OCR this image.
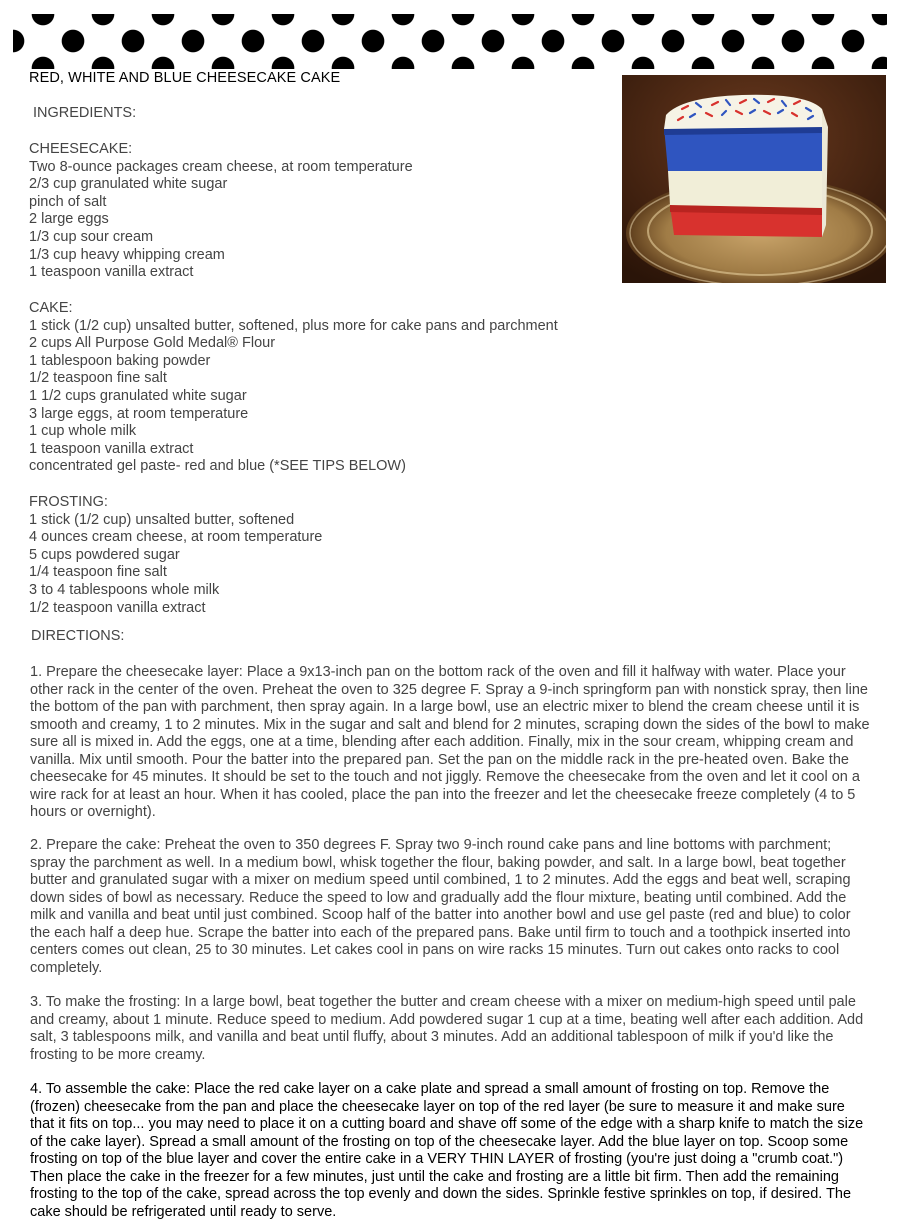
RED, WHITE AND BLUE CHEESECAKE CAKE
INGREDIENTS:
CHEESECAKE:
Two 8-ounce packages cream cheese, at room temperature
2/3 cup granulated white sugar
pinch of salt
2 large eggs
1/3 cup sour cream
1/3 cup heavy whipping cream
1 teaspoon vanilla extract
CAKE:
1 stick (1/2 cup) unsalted butter, softened, plus more for cake pans and parchment
2 cups All Purpose Gold Medal® Flour
1 tablespoon baking powder
1/2 teaspoon fine salt
1 1/2 cups granulated white sugar
3 large eggs, at room temperature
1 cup whole milk
1 teaspoon vanilla extract
concentrated gel paste- red and blue (*SEE TIPS BELOW)
FROSTING:
1 stick (1/2 cup) unsalted butter, softened
4 ounces cream cheese, at room temperature
5 cups powdered sugar
1/4 teaspoon fine salt
3 to 4 tablespoons whole milk
1/2 teaspoon vanilla extract
DIRECTIONS:

1. Prepare the cheesecake layer: Place a 9x13-inch pan on the bottom rack of the oven and fill it halfway with water. Place your other rack in the center of the oven. Preheat the oven to 325 degree F. Spray a 9-inch springform pan with nonstick spray, then line the bottom of the pan with parchment, then spray again. In a large bowl, use an electric mixer to blend the cream cheese until it is smooth and creamy, 1 to 2 minutes. Mix in the sugar and salt and blend for 2 minutes, scraping down the sides of the bowl to make sure all is mixed in. Add the eggs, one at a time, blending after each addition. Finally, mix in the sour cream, whipping cream and vanilla. Mix until smooth. Pour the batter into the prepared pan. Set the pan on the middle rack in the pre-heated oven. Bake the cheesecake for 45 minutes. It should be set to the touch and not jiggly. Remove the cheesecake from the oven and let it cool on a wire rack for at least an hour. When it has cooled, place the pan into the freezer and let the cheesecake freeze completely (4 to 5 hours or overnight).

2. Prepare the cake: Preheat the oven to 350 degrees F. Spray two 9-inch round cake pans and line bottoms with parchment; spray the parchment as well. In a medium bowl, whisk together the flour, baking powder, and salt. In a large bowl, beat together butter and granulated sugar with a mixer on medium speed until combined, 1 to 2 minutes. Add the eggs and beat well, scraping down sides of bowl as necessary. Reduce the speed to low and gradually add the flour mixture, beating until combined. Add the milk and vanilla and beat until just combined. Scoop half of the batter into another bowl and use gel paste (red and blue) to color the each half a deep hue. Scrape the batter into each of the prepared pans. Bake until firm to touch and a toothpick inserted into centers comes out clean, 25 to 30 minutes. Let cakes cool in pans on wire racks 15 minutes. Turn out cakes onto racks to cool completely.

3. To make the frosting: In a large bowl, beat together the butter and cream cheese with a mixer on medium-high speed until pale and creamy, about 1 minute. Reduce speed to medium. Add powdered sugar 1 cup at a time, beating well after each addition. Add salt, 3 tablespoons milk, and vanilla and beat until fluffy, about 3 minutes. Add an additional tablespoon of milk if you'd like the frosting to be more creamy.

4. To assemble the cake: Place the red cake layer on a cake plate and spread a small amount of frosting on top. Remove the (frozen) cheesecake from the pan and place the cheesecake layer on top of the red layer (be sure to measure it and make sure that it fits on top... you may need to place it on a cutting board and shave off some of the edge with a sharp knife to match the size of the cake layer). Spread a small amount of the frosting on top of the cheesecake layer. Add the blue layer on top. Scoop some frosting on top of the blue layer and cover the entire cake in a VERY THIN LAYER of frosting (you're just doing a "crumb coat.") Then place the cake in the freezer for a few minutes, just until the cake and frosting are a little bit firm. Then add the remaining frosting to the top of the cake, spread across the top evenly and down the sides. Sprinkle festive sprinkles on top, if desired. The cake should be refrigerated until ready to serve.
